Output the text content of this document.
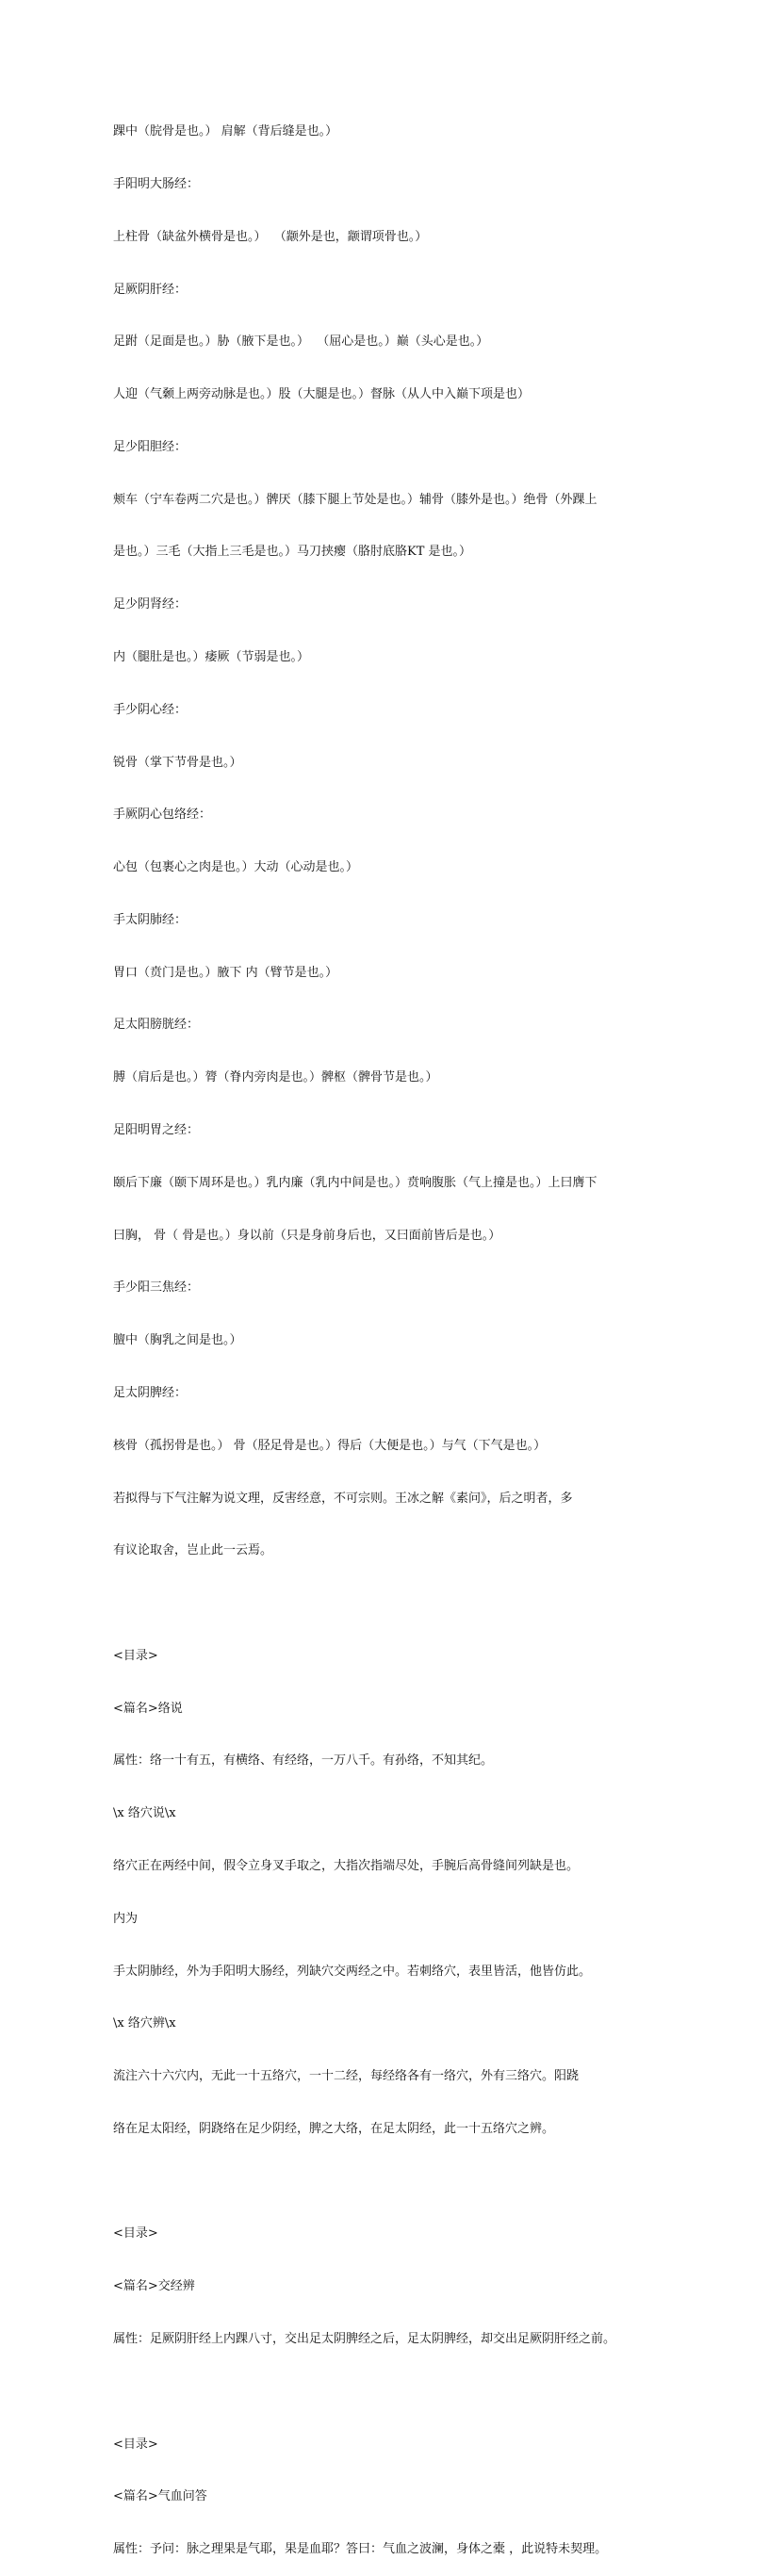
踝中（脘骨是也。） 肩解（背后缝是也。）

手阳明大肠经：

上柱骨（缺盆外横骨是也。）  （颛外是也，颛谓项骨也。）

足厥阴肝经：

足跗（足面是也。）胁（腋下是也。）  （屈心是也。）巅（头心是也。）

人迎（气颡上两旁动脉是也。）股（大腿是也。）督脉（从人中入巅下项是也）

足少阳胆经：

颊车（宁车卷两二穴是也。）髀厌（膝下腿上节处是也。）辅骨（膝外是也。）绝骨（外踝上

是也。）三毛（大指上三毛是也。）马刀挟瘿（胳肘底胳KT 是也。）

足少阴肾经：

内（腿肚是也。）痿厥（节弱是也。）

手少阴心经：

锐骨（掌下节骨是也。）

手厥阴心包络经：

心包（包裹心之肉是也。）大动（心动是也。）

手太阴肺经：

胃口（贲门是也。）腋下 内（臂节是也。）

足太阳膀胱经：

膊（肩后是也。）膂（脊内旁肉是也。）髀枢（髀骨节是也。）

足阳明胃之经：

颐后下廉（颐下周环是也。）乳内廉（乳内中间是也。）贲响腹胀（气上撞是也。）上曰膺下

曰胸， 骨（ 骨是也。）身以前（只是身前身后也，又曰面前皆后是也。）

手少阳三焦经：

膻中（胸乳之间是也。）

足太阴脾经：

核骨（孤拐骨是也。） 骨（胫足骨是也。）得后（大便是也。）与气（下气是也。）

若拟得与下气注解为说文理，反害经意，不可宗则。王冰之解《素问》，后之明者，多

有议论取舍，岂止此一云焉。

<目录>

<篇名>络说

属性：络一十有五，有横络、有经络，一万八千。有孙络，不知其纪。

\x 络穴说\x

络穴正在两经中间，假令立身叉手取之，大指次指端尽处，手腕后高骨缝间列缺是也。

内为

手太阴肺经，外为手阳明大肠经，列缺穴交两经之中。若刺络穴，表里皆活，他皆仿此。

\x 络穴辨\x

流注六十六穴内，无此一十五络穴，一十二经，每经络各有一络穴，外有三络穴。阳跷

络在足太阳经，阴跷络在足少阴经，脾之大络，在足太阴经，此一十五络穴之辨。

<目录>

<篇名>交经辨

属性：足厥阴肝经上内踝八寸，交出足太阴脾经之后，足太阴脾经，却交出足厥阴肝经之前。

<目录>

<篇名>气血问答

属性：予问：脉之理果是气耶，果是血耶？答曰：气血之波澜，身体之橐 ，此说特未契理。
